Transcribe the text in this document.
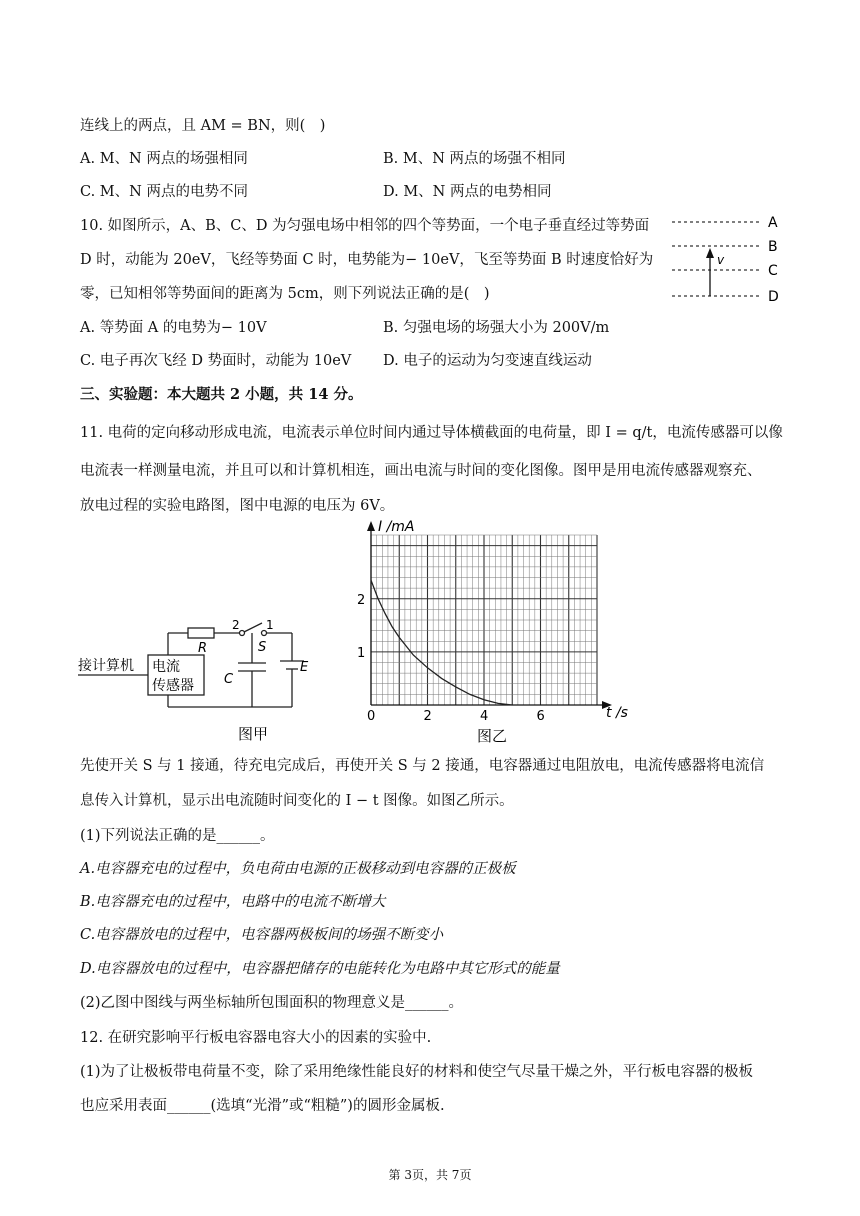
连线上的两点，且 AM = BN，则(　)
A. M、N 两点的场强相同	B. M、N 两点的场强不相同
C. M、N 两点的电势不同	D. M、N 两点的电势相同
10. 如图所示，A、B、C、D 为匀强电场中相邻的四个等势面，一个电子垂直经过等势面
D 时，动能为 20eV，飞经等势面 C 时，电势能为− 10eV，飞至等势面 B 时速度恰好为
零，已知相邻等势面间的距离为 5cm，则下列说法正确的是(　)
v
A
B
C
D
A. 等势面 A 的电势为− 10V	B. 匀强电场的场强大小为 200V/m
C. 电子再次飞经 D 势面时，动能为 10eV D. 电子的运动为匀变速直线运动
三、实验题：本大题共 2 小题，共 14 分。
11. 电荷的定向移动形成电流，电流表示单位时间内通过导体横截面的电荷量，即 I = q/t，电流传感器可以像
电流表一样测量电流，并且可以和计算机相连，画出电流与时间的变化图像。图甲是用电流传感器观察充、
放电过程的实验电路图，图中电源的电压为 6V。
接计算机 电流
传感器
R
2 1
S
C
E
图甲
0	2	4	6
1
2
I /mA
t /s
图乙
先使开关 S 与 1 接通，待充电完成后，再使开关 S 与 2 接通，电容器通过电阻放电，电流传感器将电流信
息传入计算机，显示出电流随时间变化的 I − t 图像。如图乙所示。
(1)下列说法正确的是______。
A.电容器充电的过程中，负电荷由电源的正极移动到电容器的正极板
B.电容器充电的过程中，电路中的电流不断增大
C.电容器放电的过程中，电容器两极板间的场强不断变小
D.电容器放电的过程中，电容器把储存的电能转化为电路中其它形式的能量
(2)乙图中图线与两坐标轴所包围面积的物理意义是______。
12. 在研究影响平行板电容器电容大小的因素的实验中.
(1)为了让极板带电荷量不变，除了采用绝缘性能良好的材料和使空气尽量干燥之外，平行板电容器的极板
也应采用表面______(选填“光滑”或“粗糙”)的圆形金属板.
第 3页，共 7页
